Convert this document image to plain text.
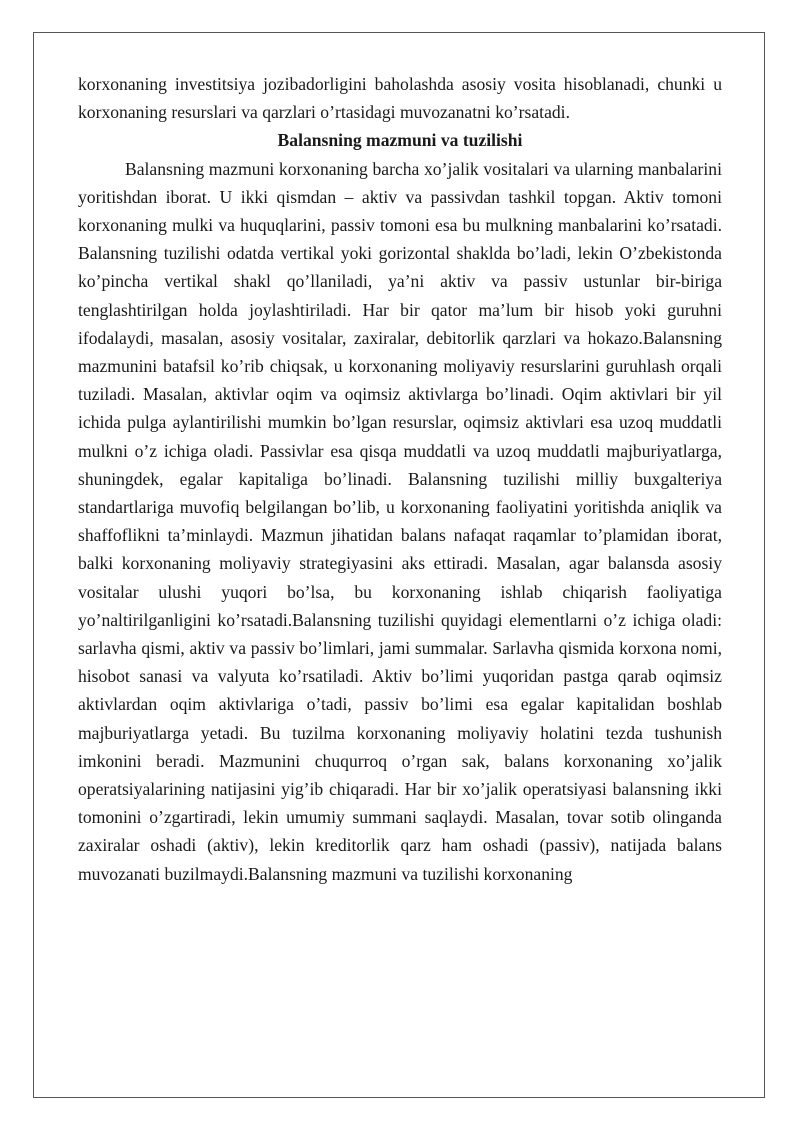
korxonaning investitsiya jozibadorligini baholashda asosiy vosita hisoblanadi, chunki u korxonaning resurslari va qarzlari o’rtasidagi muvozanatni ko’rsatadi.

Balansning mazmuni va tuzilishi

Balansning mazmuni korxonaning barcha xo’jalik vositalari va ularning manbalarini yoritishdan iborat. U ikki qismdan – aktiv va passivdan tashkil topgan. Aktiv tomoni korxonaning mulki va huquqlarini, passiv tomoni esa bu mulkning manbalarini ko’rsatadi. Balansning tuzilishi odatda vertikal yoki gorizontal shaklda bo’ladi, lekin O’zbekistonda ko’pincha vertikal shakl qo’llaniladi, ya’ni aktiv va passiv ustunlar bir-biriga tenglashtirilgan holda joylashtiriladi. Har bir qator ma’lum bir hisob yoki guruhni ifodalaydi, masalan, asosiy vositalar, zaxiralar, debitorlik qarzlari va hokazo.Balansning mazmunini batafsil ko’rib chiqsak, u korxonaning moliyaviy resurslarini guruhlash orqali tuziladi. Masalan, aktivlar oqim va oqimsiz aktivlarga bo’linadi. Oqim aktivlari bir yil ichida pulga aylantirilishi mumkin bo’lgan resurslar, oqimsiz aktivlari esa uzoq muddatli mulkni o’z ichiga oladi. Passivlar esa qisqa muddatli va uzoq muddatli majburiyatlarga, shuningdek, egalar kapitaliga bo’linadi. Balansning tuzilishi milliy buxgalteriya standartlariga muvofiq belgilangan bo’lib, u korxonaning faoliyatini yoritishda aniqlik va shaffoflikni ta’minlaydi. Mazmun jihatidan balans nafaqat raqamlar to’plamidan iborat, balki korxonaning moliyaviy strategiyasini aks ettiradi. Masalan, agar balansda asosiy vositalar ulushi yuqori bo’lsa, bu korxonaning ishlab chiqarish faoliyatiga yo’naltirilganligini ko’rsatadi.Balansning tuzilishi quyidagi elementlarni o’z ichiga oladi: sarlavha qismi, aktiv va passiv bo’limlari, jami summalar. Sarlavha qismida korxona nomi, hisobot sanasi va valyuta ko’rsatiladi. Aktiv bo’limi yuqoridan pastga qarab oqimsiz aktivlardan oqim aktivlariga o’tadi, passiv bo’limi esa egalar kapitalidan boshlab majburiyatlarga yetadi. Bu tuzilma korxonaning moliyaviy holatini tezda tushunish imkonini beradi. Mazmunini chuqurroq o’rgan sak, balans korxonaning xo’jalik operatsiyalarining natijasini yig’ib chiqaradi. Har bir xo’jalik operatsiyasi balansning ikki tomonini o’zgartiradi, lekin umumiy summani saqlaydi. Masalan, tovar sotib olinganda zaxiralar oshadi (aktiv), lekin kreditorlik qarz ham oshadi (passiv), natijada balans muvozanati buzilmaydi.Balansning mazmuni va tuzilishi korxonaning
